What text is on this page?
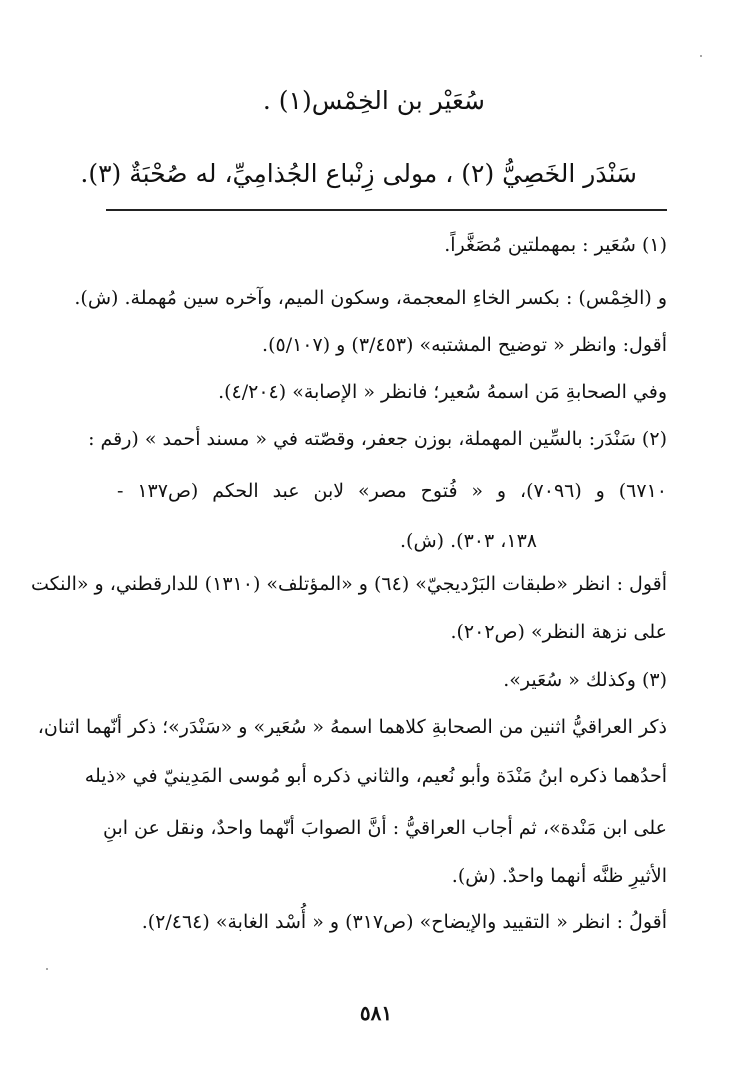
سُعَيْر بن الخِمْس(١) .
سَنْدَر الخَصِيُّ (٢) ، مولى زِنْباع الجُذامِيِّ، له صُحْبَةٌ (٣).
(١) سُعَير : بمهملتين مُصَغَّراً.
و (الخِمْس) : بكسر الخاءِ المعجمة، وسكون الميم، وآخره سين مُهملة. (ش).
أقول: وانظر « توضيح المشتبه» (٣/٤٥٣) و (٥/١٠٧).
وفي الصحابةِ مَن اسمهُ سُعير؛ فانظر « الإصابة» (٤/٢٠٤).
(٢) سَنْدَر: بالسِّين المهملة، بوزن جعفر، وقصّته في « مسند أحمد » (رقم :
٦٧١٠) و (٧٠٩٦)، و « فُتوح مصر» لابن عبد الحكم (ص١٣٧ -
١٣٨، ٣٠٣). (ش).
أقول : انظر «طبقات البَرْديجيّ» (٦٤) و «المؤتلف» (١٣١٠) للدارقطني، و «النكت
على نزهة النظر» (ص٢٠٢).
(٣) وكذلك « سُعَير».
ذكر العراقيُّ اثنين من الصحابةِ كلاهما اسمهُ « سُعَير» و «سَنْدَر»؛ ذكر أنّهما اثنان،
أحدُهما ذكره ابنُ مَنْدَة وأبو نُعيم، والثاني ذكره أبو مُوسى المَدِينيّ في «ذيله
على ابن مَنْدة»، ثم أجاب العراقيُّ : أنَّ الصوابَ أنّهما واحدٌ، ونقل عن ابنِ
الأثيرِ ظنَّه أنهما واحدٌ. (ش).
أقولُ : انظر « التقييد والإيضاح» (ص٣١٧) و « أُسْد الغابة» (٢/٤٦٤).
٥٨١
